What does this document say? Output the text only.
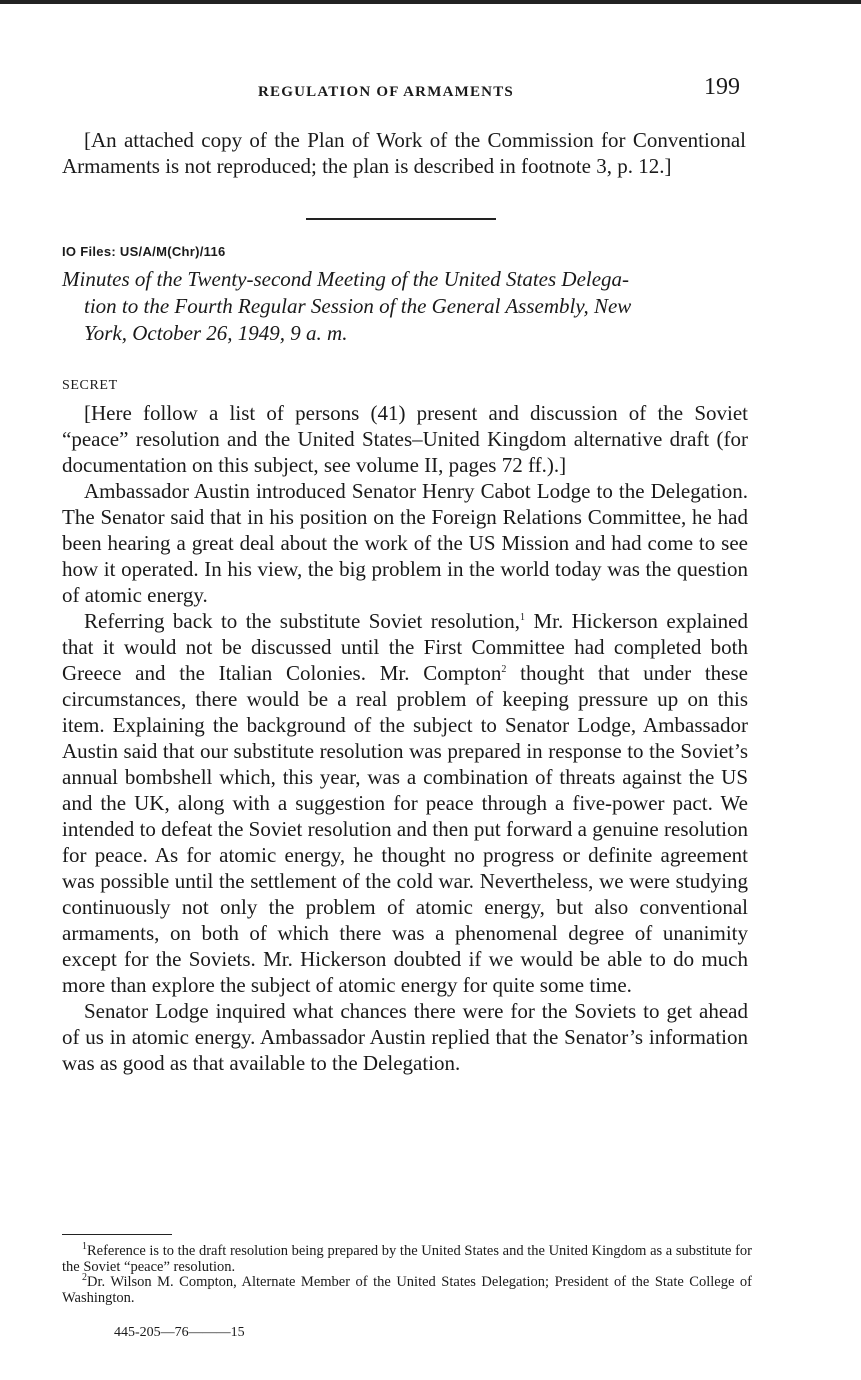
REGULATION OF ARMAMENTS	199

[An attached copy of the Plan of Work of the Commission for Conventional Armaments is not reproduced; the plan is described in footnote 3, p. 12.]

IO Files: US/A/M(Chr)/116
Minutes of the Twenty-second Meeting of the United States Delega-
tion to the Fourth Regular Session of the General Assembly, New
York, October 26, 1949, 9 a. m.
SECRET

[Here follow a list of persons (41) present and discussion of the Soviet “peace” resolution and the United States–United Kingdom alternative draft (for documentation on this subject, see volume II, pages 72 ff.).]

Ambassador Austin introduced Senator Henry Cabot Lodge to the Delegation. The Senator said that in his position on the Foreign Relations Committee, he had been hearing a great deal about the work of the US Mission and had come to see how it operated. In his view, the big problem in the world today was the question of atomic energy.

Referring back to the substitute Soviet resolution,$^1$ Mr. Hickerson explained that it would not be discussed until the First Committee had completed both Greece and the Italian Colonies. Mr. Compton$^2$ thought that under these circumstances, there would be a real problem of keeping pressure up on this item. Explaining the background of the subject to Senator Lodge, Ambassador Austin said that our substitute resolution was prepared in response to the Soviet’s annual bombshell which, this year, was a combination of threats against the US and the UK, along with a suggestion for peace through a five-power pact. We intended to defeat the Soviet resolution and then put forward a genuine resolution for peace. As for atomic energy, he thought no progress or definite agreement was possible until the settlement of the cold war. Nevertheless, we were studying continuously not only the problem of atomic energy, but also conventional armaments, on both of which there was a phenomenal degree of unanimity except for the Soviets. Mr. Hickerson doubted if we would be able to do much more than explore the subject of atomic energy for quite some time.

Senator Lodge inquired what chances there were for the Soviets to get ahead of us in atomic energy. Ambassador Austin replied that the Senator’s information was as good as that available to the Delegation.

$^1$Reference is to the draft resolution being prepared by the United States and the United Kingdom as a substitute for the Soviet “peace” resolution.

$^2$Dr. Wilson M. Compton, Alternate Member of the United States Delegation; President of the State College of Washington.

445-205—76———15
